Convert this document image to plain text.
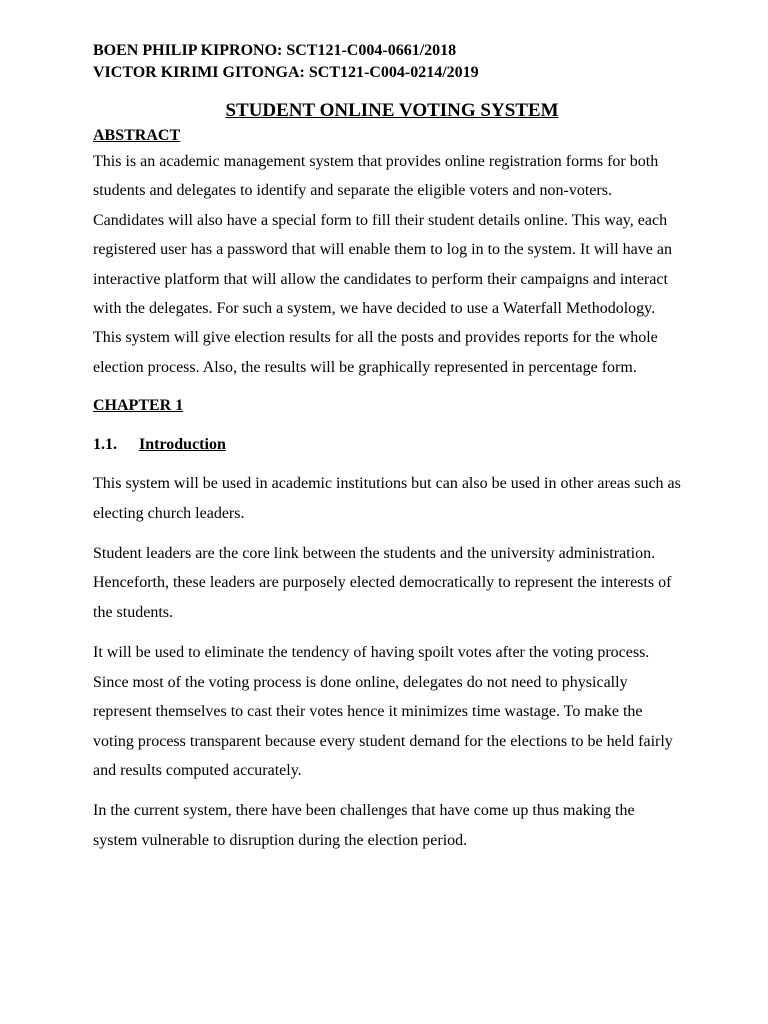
BOEN PHILIP KIPRONO: SCT121-C004-0661/2018
VICTOR KIRIMI GITONGA: SCT121-C004-0214/2019
STUDENT ONLINE VOTING SYSTEM
ABSTRACT

This is an academic management system that provides online registration forms for both students and delegates to identify and separate the eligible voters and non-voters. Candidates will also have a special form to fill their student details online. This way, each registered user has a password that will enable them to log in to the system. It will have an interactive platform that will allow the candidates to perform their campaigns and interact with the delegates. For such a system, we have decided to use a Waterfall Methodology. This system will give election results for all the posts and provides reports for the whole election process. Also, the results will be graphically represented in percentage form.

CHAPTER 1
1.1. Introduction

This system will be used in academic institutions but can also be used in other areas such as electing church leaders.

Student leaders are the core link between the students and the university administration. Henceforth, these leaders are purposely elected democratically to represent the interests of the students.

It will be used to eliminate the tendency of having spoilt votes after the voting process. Since most of the voting process is done online, delegates do not need to physically represent themselves to cast their votes hence it minimizes time wastage. To make the voting process transparent because every student demand for the elections to be held fairly and results computed accurately.

In the current system, there have been challenges that have come up thus making the system vulnerable to disruption during the election period.
